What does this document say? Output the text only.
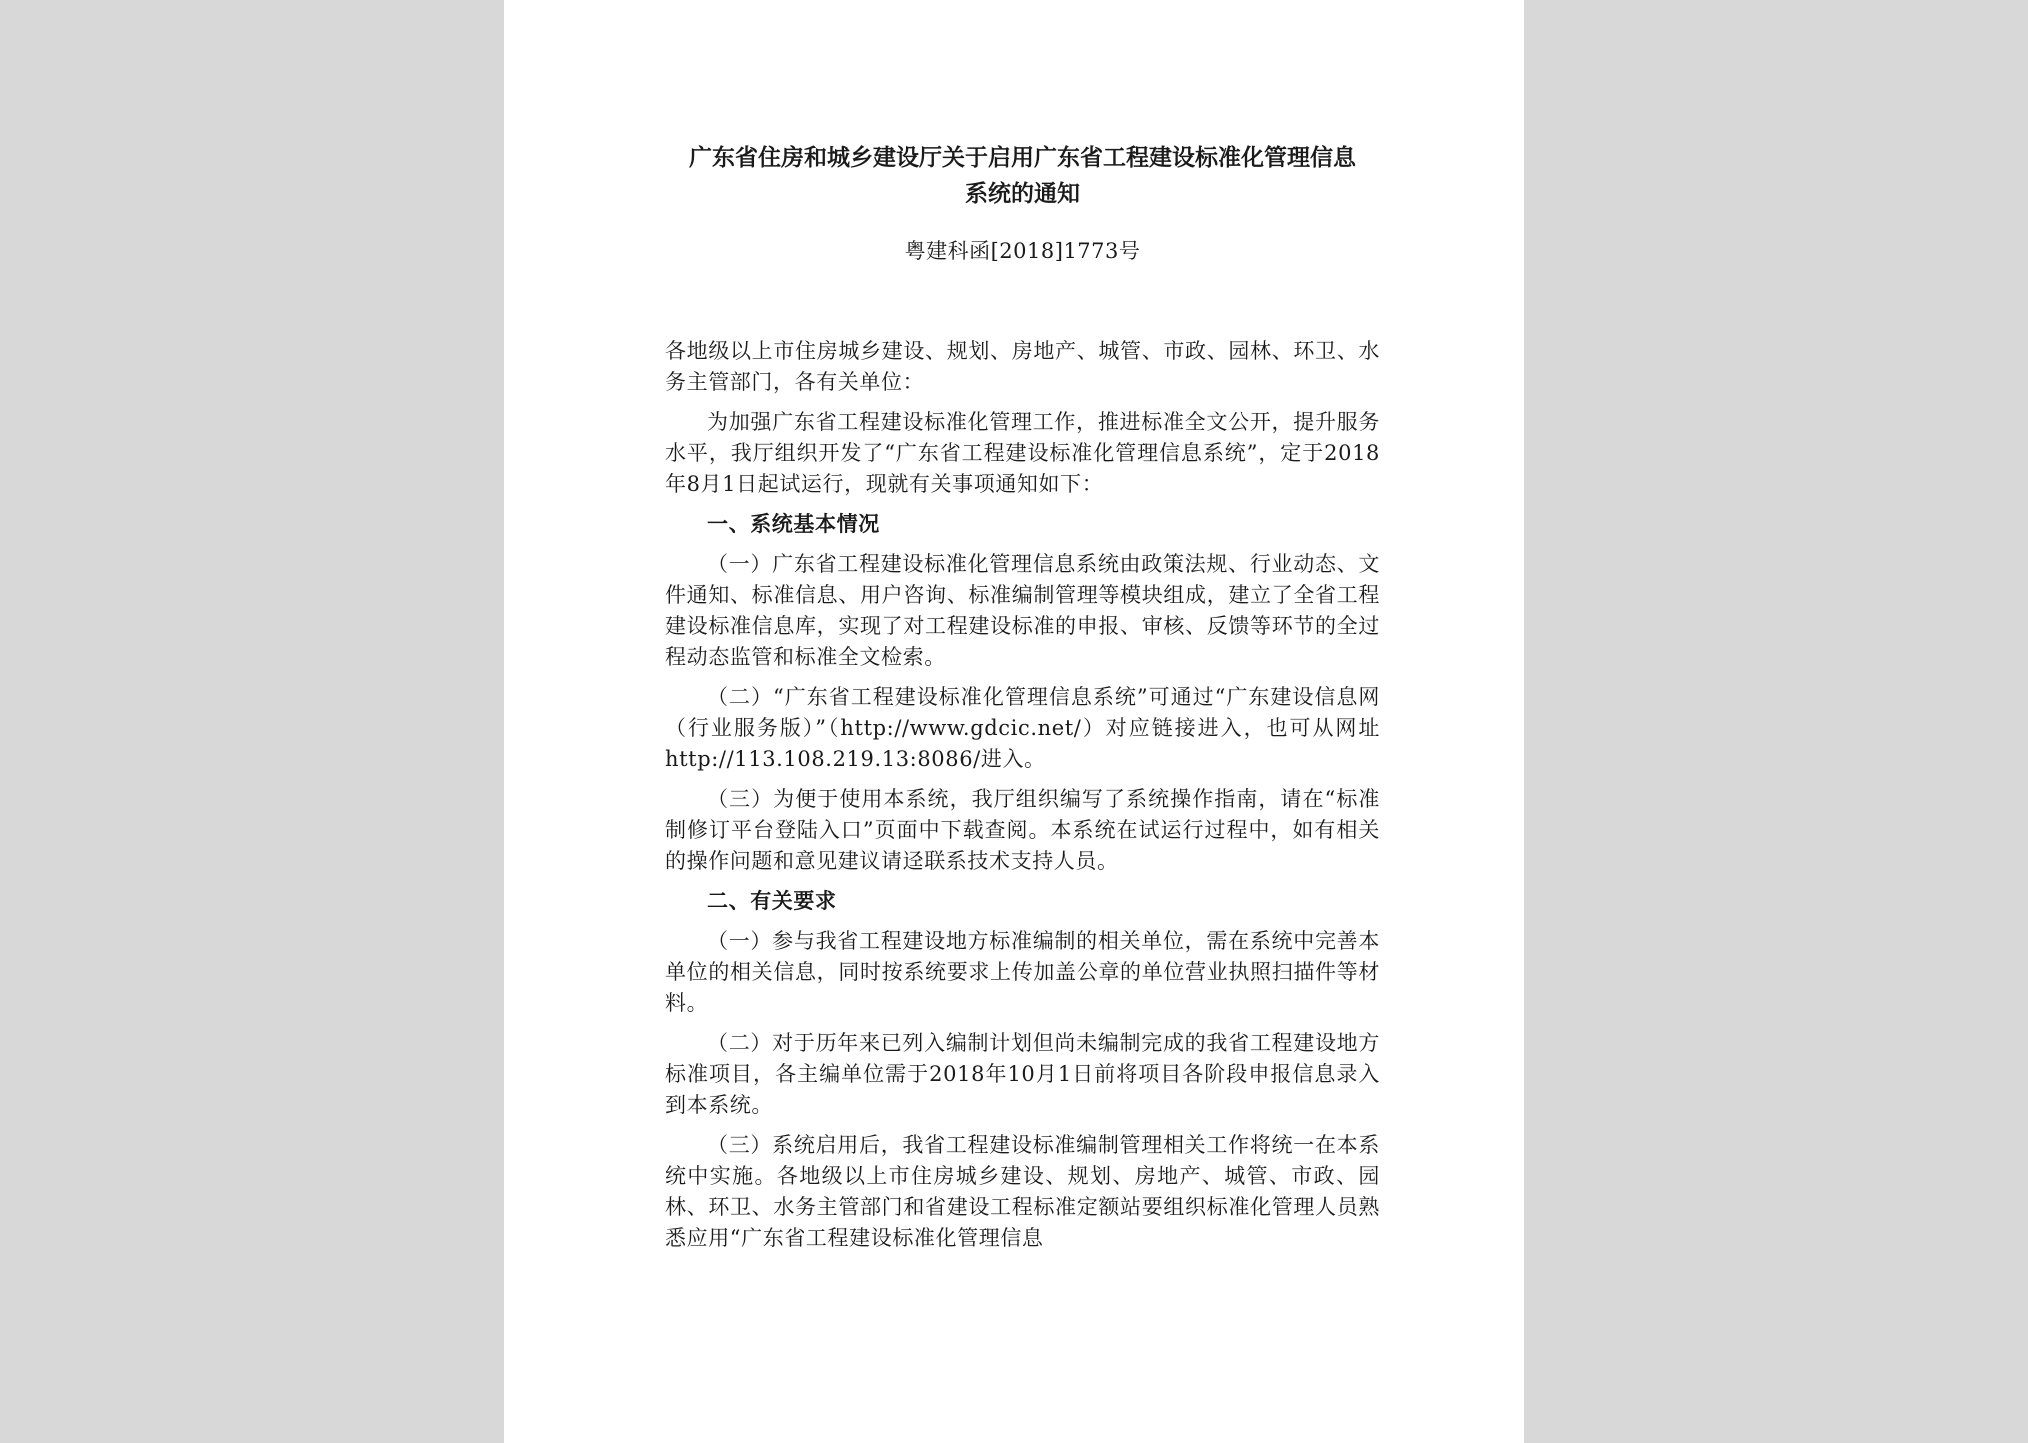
广东省住房和城乡建设厅关于启用广东省工程建设标准化管理信息
系统的通知
粤建科函[2018]1773号

各地级以上市住房城乡建设、规划、房地产、城管、市政、园林、环卫、水务主管部门，各有关单位：

为加强广东省工程建设标准化管理工作，推进标准全文公开，提升服务水平，我厅组织开发了“广东省工程建设标准化管理信息系统”，定于2018年8月1日起试运行，现就有关事项通知如下：

一、系统基本情况

（一）广东省工程建设标准化管理信息系统由政策法规、行业动态、文件通知、标准信息、用户咨询、标准编制管理等模块组成，建立了全省工程建设标准信息库，实现了对工程建设标准的申报、审核、反馈等环节的全过程动态监管和标准全文检索。

（二）“广东省工程建设标准化管理信息系统”可通过“广东建设信息网（行业服务版）”（http://www.gdcic.net/）对应链接进入，也可从网址http://113.108.219.13:8086/进入。

（三）为便于使用本系统，我厅组织编写了系统操作指南，请在“标准制修订平台登陆入口”页面中下载查阅。本系统在试运行过程中，如有相关的操作问题和意见建议请迳联系技术支持人员。

二、有关要求

（一）参与我省工程建设地方标准编制的相关单位，需在系统中完善本单位的相关信息，同时按系统要求上传加盖公章的单位营业执照扫描件等材料。

（二）对于历年来已列入编制计划但尚未编制完成的我省工程建设地方标准项目，各主编单位需于2018年10月1日前将项目各阶段申报信息录入到本系统。

（三）系统启用后，我省工程建设标准编制管理相关工作将统一在本系统中实施。各地级以上市住房城乡建设、规划、房地产、城管、市政、园林、环卫、水务主管部门和省建设工程标准定额站要组织标准化管理人员熟悉应用“广东省工程建设标准化管理信息
